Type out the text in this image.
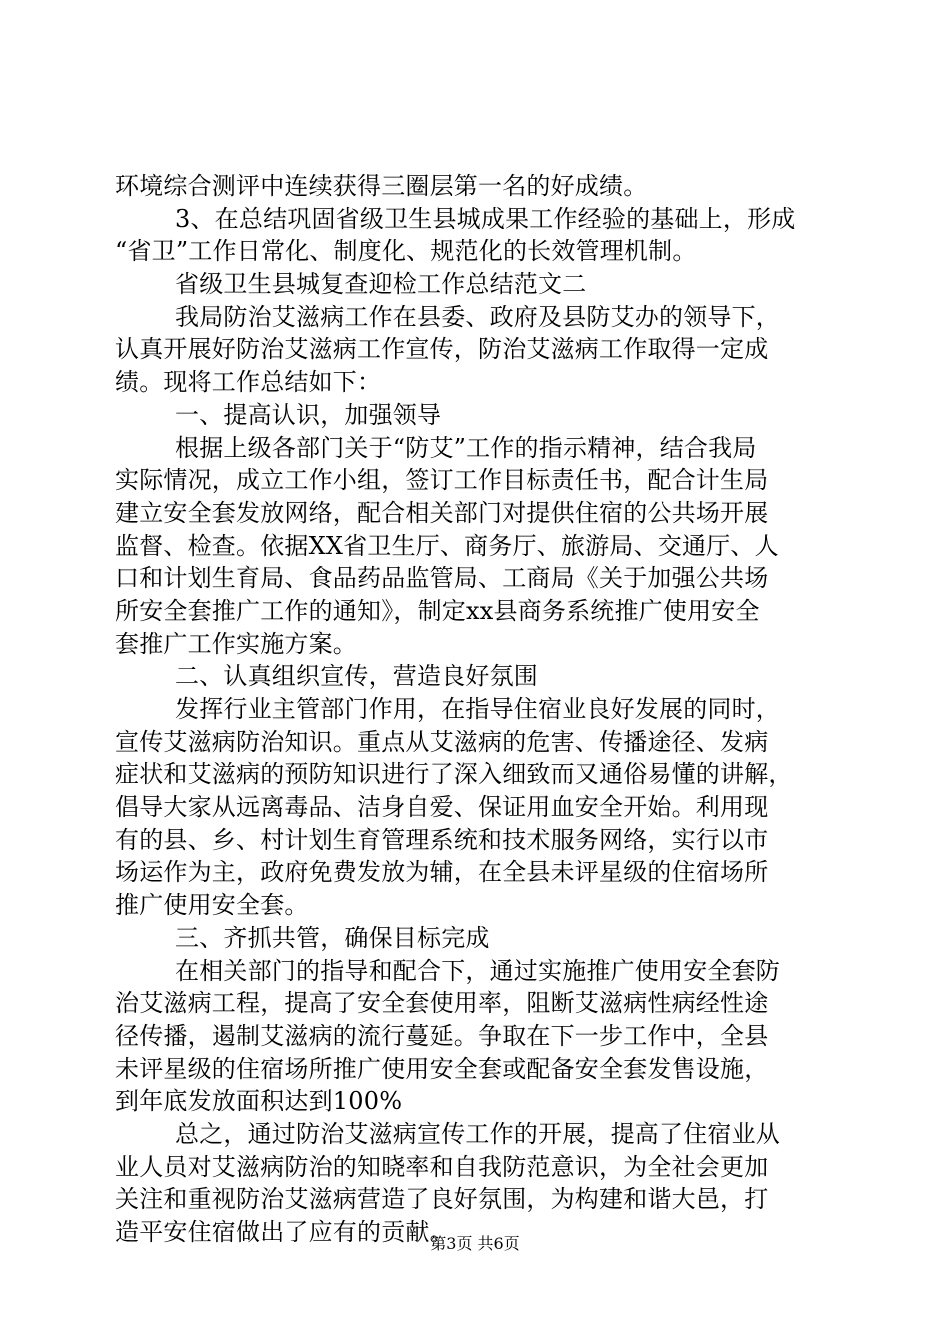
环境综合测评中连续获得三圈层第一名的好成绩。
3、在总结巩固省级卫生县城成果工作经验的基础上，形成
“省卫”工作日常化、制度化、规范化的长效管理机制。
省级卫生县城复查迎检工作总结范文二
我局防治艾滋病工作在县委、政府及县防艾办的领导下，
认真开展好防治艾滋病工作宣传，防治艾滋病工作取得一定成
绩。现将工作总结如下：
一、提高认识，加强领导
根据上级各部门关于“防艾”工作的指示精神，结合我局
实际情况，成立工作小组，签订工作目标责任书，配合计生局
建立安全套发放网络，配合相关部门对提供住宿的公共场开展
监督、检查。依据XX省卫生厅、商务厅、旅游局、交通厅、人
口和计划生育局、食品药品监管局、工商局《关于加强公共场
所安全套推广工作的通知》，制定xx县商务系统推广使用安全
套推广工作实施方案。
二、认真组织宣传，营造良好氛围
发挥行业主管部门作用，在指导住宿业良好发展的同时，
宣传艾滋病防治知识。重点从艾滋病的危害、传播途径、发病
症状和艾滋病的预防知识进行了深入细致而又通俗易懂的讲解，
倡导大家从远离毒品、洁身自爱、保证用血安全开始。利用现
有的县、乡、村计划生育管理系统和技术服务网络，实行以市
场运作为主，政府免费发放为辅，在全县未评星级的住宿场所
推广使用安全套。
三、齐抓共管，确保目标完成
在相关部门的指导和配合下，通过实施推广使用安全套防
治艾滋病工程，提高了安全套使用率，阻断艾滋病性病经性途
径传播，遏制艾滋病的流行蔓延。争取在下一步工作中，全县
未评星级的住宿场所推广使用安全套或配备安全套发售设施，
到年底发放面积达到100%
总之，通过防治艾滋病宣传工作的开展，提高了住宿业从
业人员对艾滋病防治的知晓率和自我防范意识，为全社会更加
关注和重视防治艾滋病营造了良好氛围，为构建和谐大邑，打
造平安住宿做出了应有的贡献。
第3页 共6页
